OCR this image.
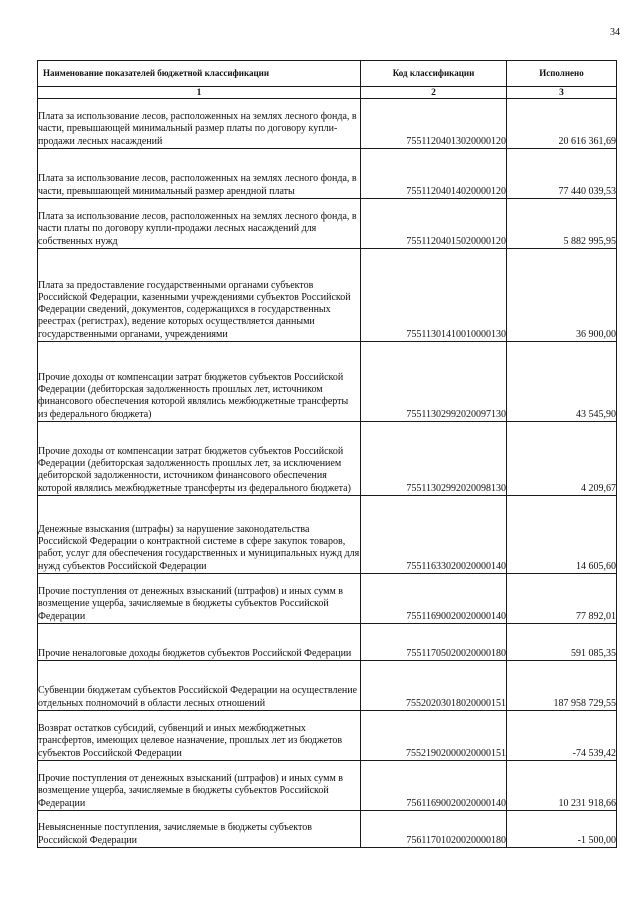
34
Наименование показателей бюджетной классификации	Код классификации	Исполнено
1	2	3
Плата за использование лесов, расположенных на землях лесного фонда, в части, превышающей минимальный размер платы по договору купли-продажи лесных насаждений	75511204013020000120	20 616 361,69
Плата за использование лесов, расположенных на землях лесного фонда, в части, превышающей минимальный размер арендной платы	75511204014020000120	77 440 039,53
Плата за использование лесов, расположенных на землях лесного фонда, в части платы по договору купли-продажи лесных насаждений для собственных нужд	75511204015020000120	5 882 995,95
Плата за предоставление государственными органами субъектов Российской Федерации, казенными учреждениями субъектов Российской Федерации сведений, документов, содержащихся в государственных реестрах (регистрах), ведение которых осуществляется данными государственными органами, учреждениями	75511301410010000130	36 900,00
Прочие доходы от компенсации затрат бюджетов субъектов Российской Федерации (дебиторская задолженность прошлых лет, источником финансового обеспечения которой являлись межбюджетные трансферты из федерального бюджета)	75511302992020097130	43 545,90
Прочие доходы от компенсации затрат бюджетов субъектов Российской Федерации (дебиторская задолженность прошлых лет, за исключением дебиторской задолженности, источником финансового обеспечения которой являлись межбюджетные трансферты из федерального бюджета)	75511302992020098130	4 209,67
Денежные взыскания (штрафы) за нарушение законодательства Российской Федерации о контрактной системе в сфере закупок товаров, работ, услуг для обеспечения государственных и муниципальных нужд для нужд субъектов Российской Федерации	75511633020020000140	14 605,60
Прочие поступления от денежных взысканий (штрафов) и иных сумм в возмещение ущерба, зачисляемые в бюджеты субъектов Российской Федерации	75511690020020000140	77 892,01
Прочие неналоговые доходы бюджетов субъектов Российской Федерации	75511705020020000180	591 085,35
Субвенции бюджетам субъектов Российской Федерации на осуществление отдельных полномочий в области лесных отношений	75520203018020000151	187 958 729,55
Возврат остатков субсидий, субвенций и иных межбюджетных трансфертов, имеющих целевое назначение, прошлых лет из бюджетов субъектов Российской Федерации	75521902000020000151	-74 539,42
Прочие поступления от денежных взысканий (штрафов) и иных сумм в возмещение ущерба, зачисляемые в бюджеты субъектов Российской Федерации	75611690020020000140	10 231 918,66
Невыясненные поступления, зачисляемые в бюджеты субъектов Российской Федерации	75611701020020000180	-1 500,00
